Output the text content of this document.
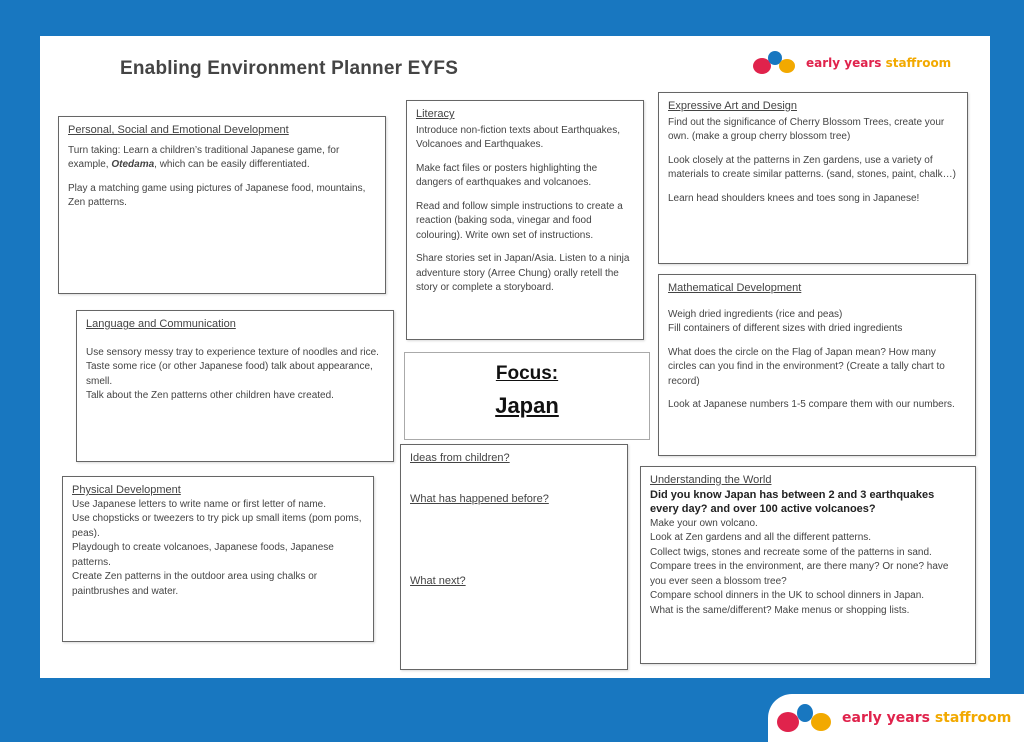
Enabling Environment Planner EYFS	early years staffroom
Personal, Social and Emotional Development

Turn taking: Learn a children’s traditional Japanese game, for example, Otedama, which can be easily differentiated.

Play a matching game using pictures of Japanese food, mountains, Zen patterns.

Literacy

Introduce non-fiction texts about Earthquakes, Volcanoes and Earthquakes.

Make fact files or posters highlighting the dangers of earthquakes and volcanoes.

Read and follow simple instructions to create a reaction (baking soda, vinegar and food colouring). Write own set of instructions.

Share stories set in Japan/Asia. Listen to a ninja adventure story (Arree Chung) orally retell the story or complete a storyboard.

Expressive Art and Design

Find out the significance of Cherry Blossom Trees, create your own. (make a group cherry blossom tree)

Look closely at the patterns in Zen gardens, use a variety of materials to create similar patterns. (sand, stones, paint, chalk…)

Learn head shoulders knees and toes song in Japanese!

Language and Communication
Use sensory messy tray to experience texture of noodles and rice.
Taste some rice (or other Japanese food) talk about appearance, smell.
Talk about the Zen patterns other children have created.
Focus:
Japan
Mathematical Development

Weigh dried ingredients (rice and peas)
Fill containers of different sizes with dried ingredients

What does the circle on the Flag of Japan mean? How many circles can you find in the environment? (Create a tally chart to record)

Look at Japanese numbers 1-5 compare them with our numbers.

Physical Development
Use Japanese letters to write name or first letter of name.
Use chopsticks or tweezers to try pick up small items (pom poms, peas).
Playdough to create volcanoes, Japanese foods, Japanese patterns.
Create Zen patterns in the outdoor area using chalks or paintbrushes and water.
Ideas from children?
What has happened before?
What next?
Understanding the World
Did you know Japan has between 2 and 3 earthquakes every day? and over 100 active volcanoes?
Make your own volcano.
Look at Zen gardens and all the different patterns.
Collect twigs, stones and recreate some of the patterns in sand.
Compare trees in the environment, are there many? Or none? have you ever seen a blossom tree?
Compare school dinners in the UK to school dinners in Japan.
What is the same/different? Make menus or shopping lists.
early years staffroom
